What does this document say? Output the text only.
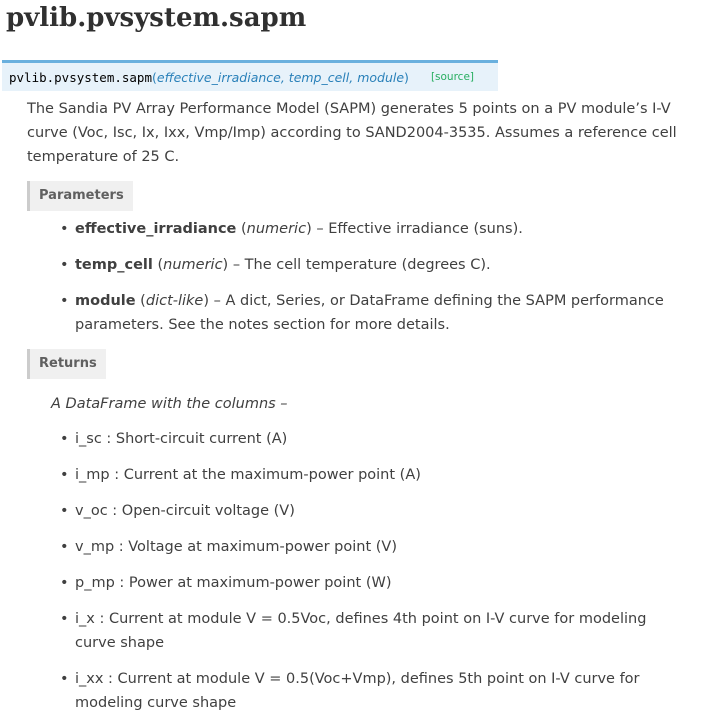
pvlib.pvsystem.sapm
pvlib.pvsystem.sapm ( effective_irradiance, temp_cell, module ) [source]

The Sandia PV Array Performance Model (SAPM) generates 5 points on a PV module’s I-V curve (Voc, Isc, Ix, Ixx, Vmp/Imp) according to SAND2004-3535. Assumes a reference cell temperature of 25 C.

Parameters
• effective_irradiance (numeric) – Effective irradiance (suns).
• temp_cell (numeric) – The cell temperature (degrees C).
• module (dict-like) – A dict, Series, or DataFrame defining the SAPM performance parameters. See the notes section for more details.
Returns
A DataFrame with the columns –
• i_sc : Short-circuit current (A)
• i_mp : Current at the maximum-power point (A)
• v_oc : Open-circuit voltage (V)
• v_mp : Voltage at maximum-power point (V)
• p_mp : Power at maximum-power point (W)
• i_x : Current at module V = 0.5Voc, defines 4th point on I-V curve for modeling curve shape
• i_xx : Current at module V = 0.5(Voc+Vmp), defines 5th point on I-V curve for modeling curve shape
